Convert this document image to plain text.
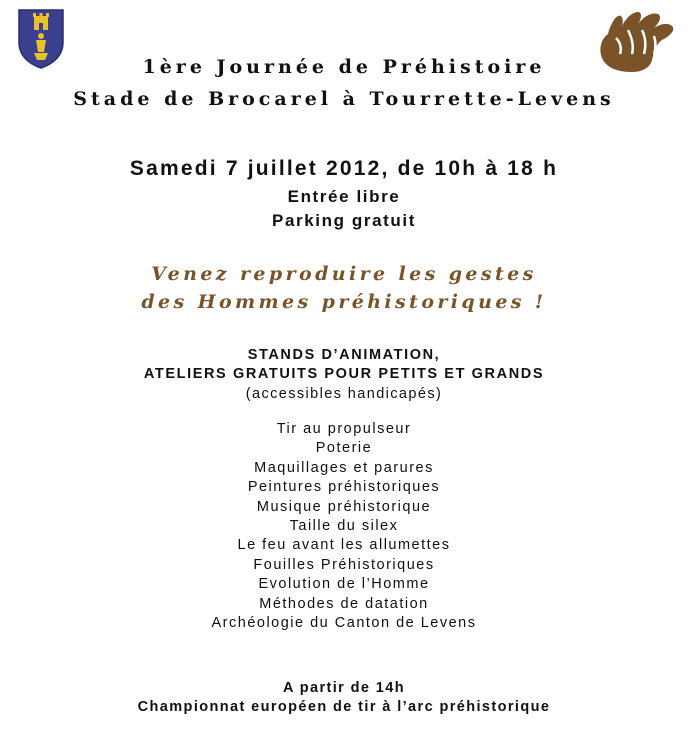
1ère Journée de Préhistoire
Stade de Brocarel à Tourrette-Levens
Samedi 7 juillet 2012, de 10h à 18 h
Entrée libre
Parking gratuit
Venez reproduire les gestes
des Hommes préhistoriques !
STANDS D’ANIMATION,
ATELIERS GRATUITS POUR PETITS ET GRANDS
(accessibles handicapés)
Tir au propulseur
Poterie
Maquillages et parures
Peintures préhistoriques
Musique préhistorique
Taille du silex
Le feu avant les allumettes
Fouilles Préhistoriques
Evolution de l’Homme
Méthodes de datation
Archéologie du Canton de Levens
A partir de 14h
Championnat européen de tir à l’arc préhistorique
